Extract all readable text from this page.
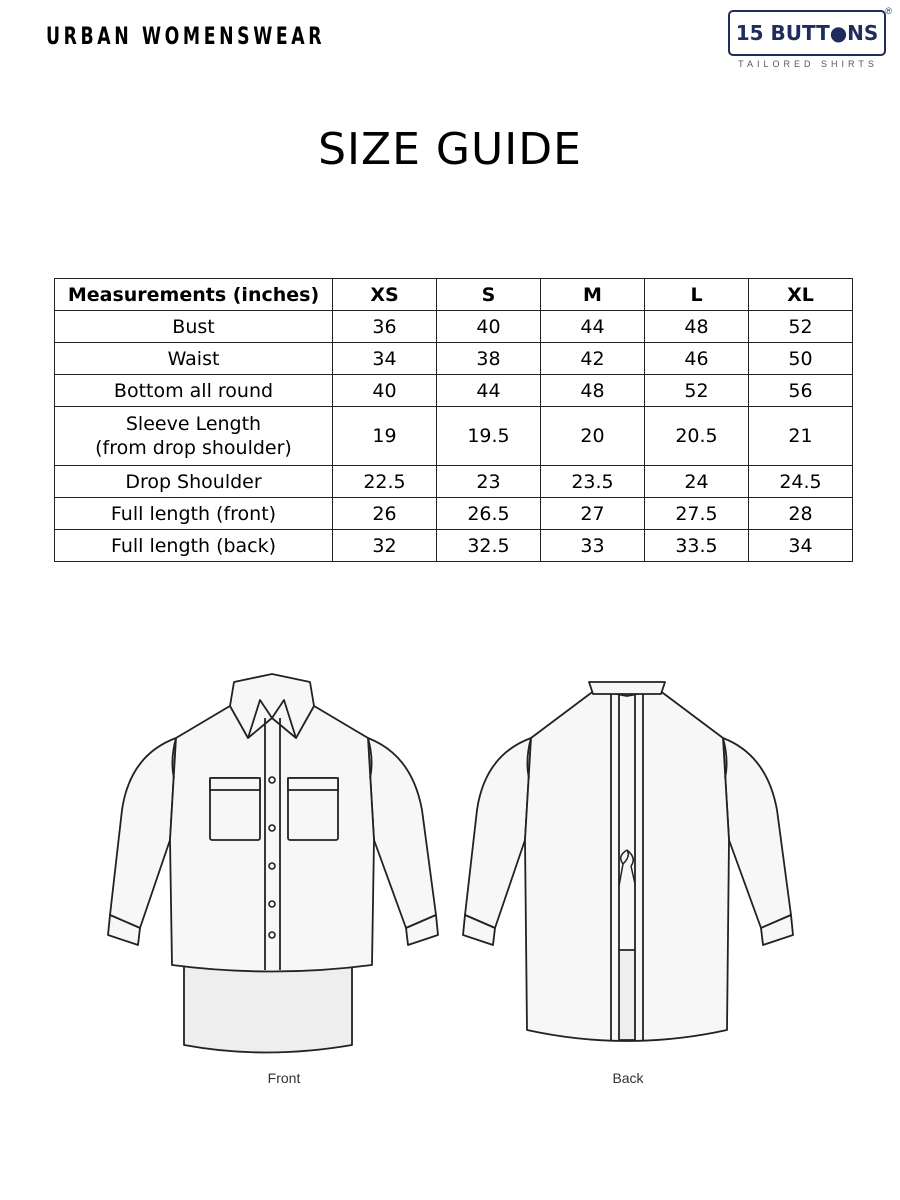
URBAN WOMENSWEAR	15 BUTT●NS
®
TAILORED SHIRTS
SIZE GUIDE
Measurements (inches)	XS	S	M	L	XL
Bust	36	40	44	48	52
Waist	34	38	42	46	50
Bottom all round	40	44	48	52	56

Sleeve Length
(from drop shoulder)	19	19.5	20	20.5	21
Drop Shoulder	22.5	23	23.5	24	24.5
Full length (front)	26	26.5	27	27.5	28
Full length (back)	32	32.5	33	33.5	34
Front	Back
